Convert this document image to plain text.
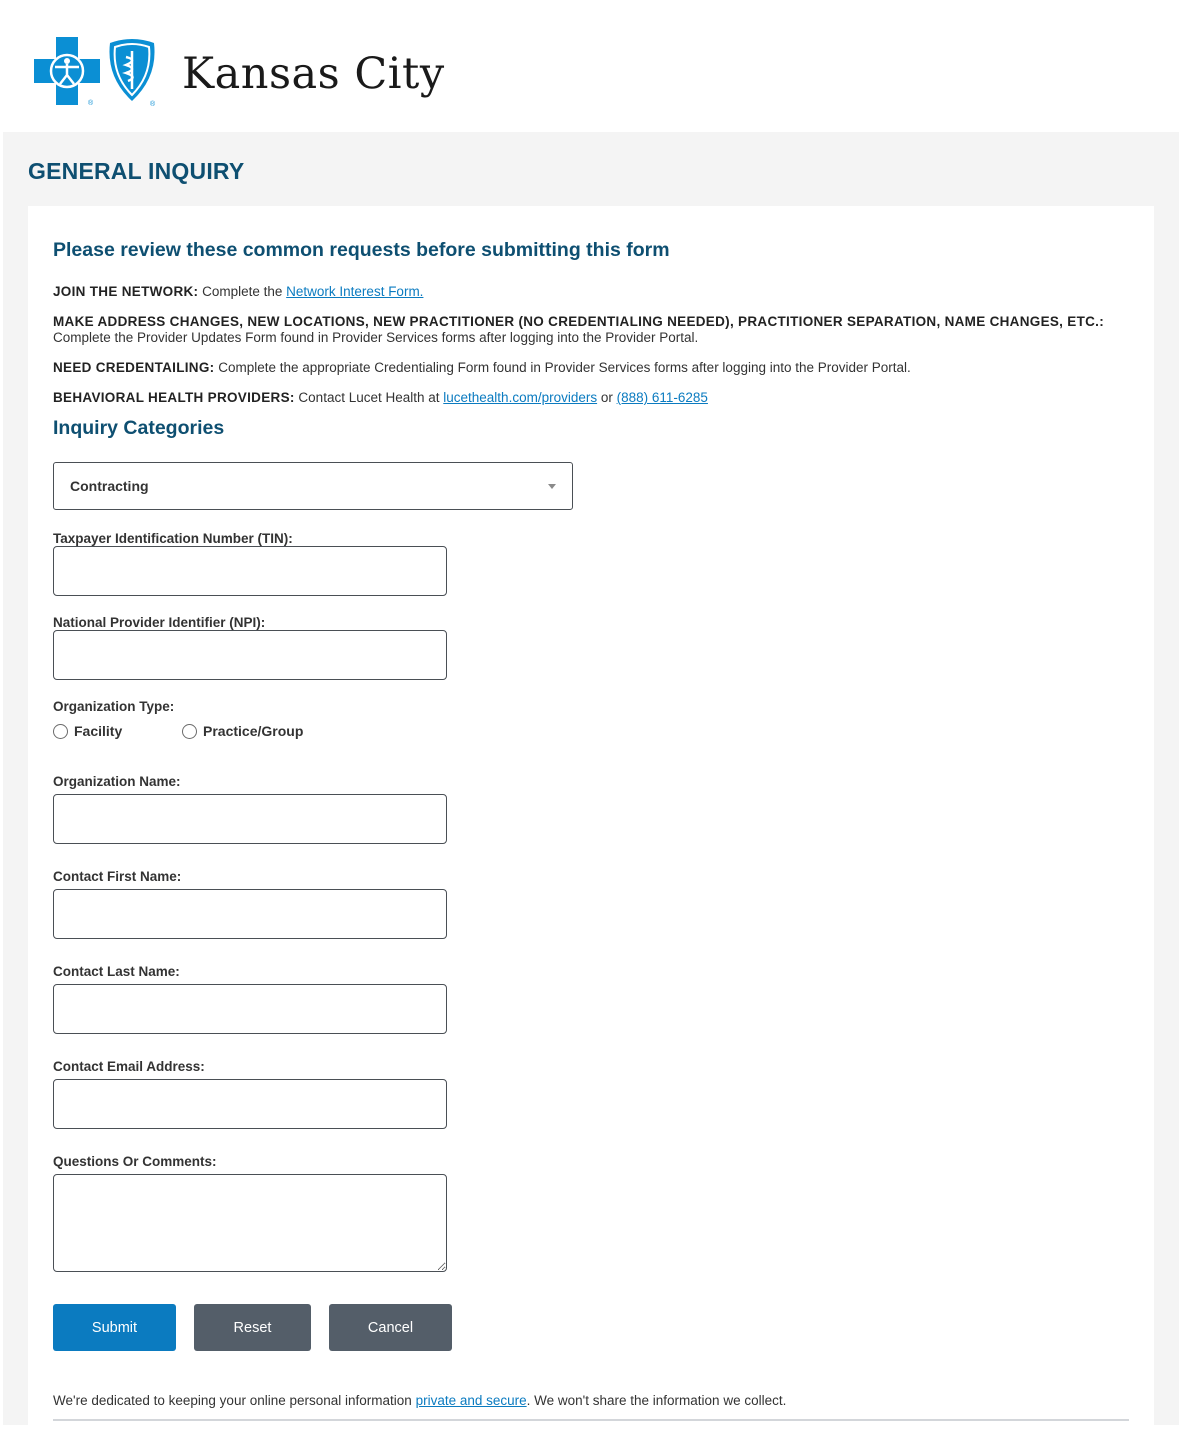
®	®
Kansas City
GENERAL INQUIRY
Please review these common requests before submitting this form

JOIN THE NETWORK: Complete the Network Interest Form.

MAKE ADDRESS CHANGES, NEW LOCATIONS, NEW PRACTITIONER (NO CREDENTIALING NEEDED), PRACTITIONER SEPARATION, NAME CHANGES, ETC.:
Complete the Provider Updates Form found in Provider Services forms after logging into the Provider Portal.

NEED CREDENTAILING: Complete the appropriate Credentialing Form found in Provider Services forms after logging into the Provider Portal.

BEHAVIORAL HEALTH PROVIDERS: Contact Lucet Health at lucethealth.com/providers or (888) 611-6285

Inquiry Categories
Contracting
Taxpayer Identification Number (TIN):
National Provider Identifier (NPI):
Organization Type:
Facility	Practice/Group
Organization Name:
Contact First Name:
Contact Last Name:
Contact Email Address:
Questions Or Comments:
Submit	Reset	Cancel

We're dedicated to keeping your online personal information private and secure. We won't share the information we collect.
